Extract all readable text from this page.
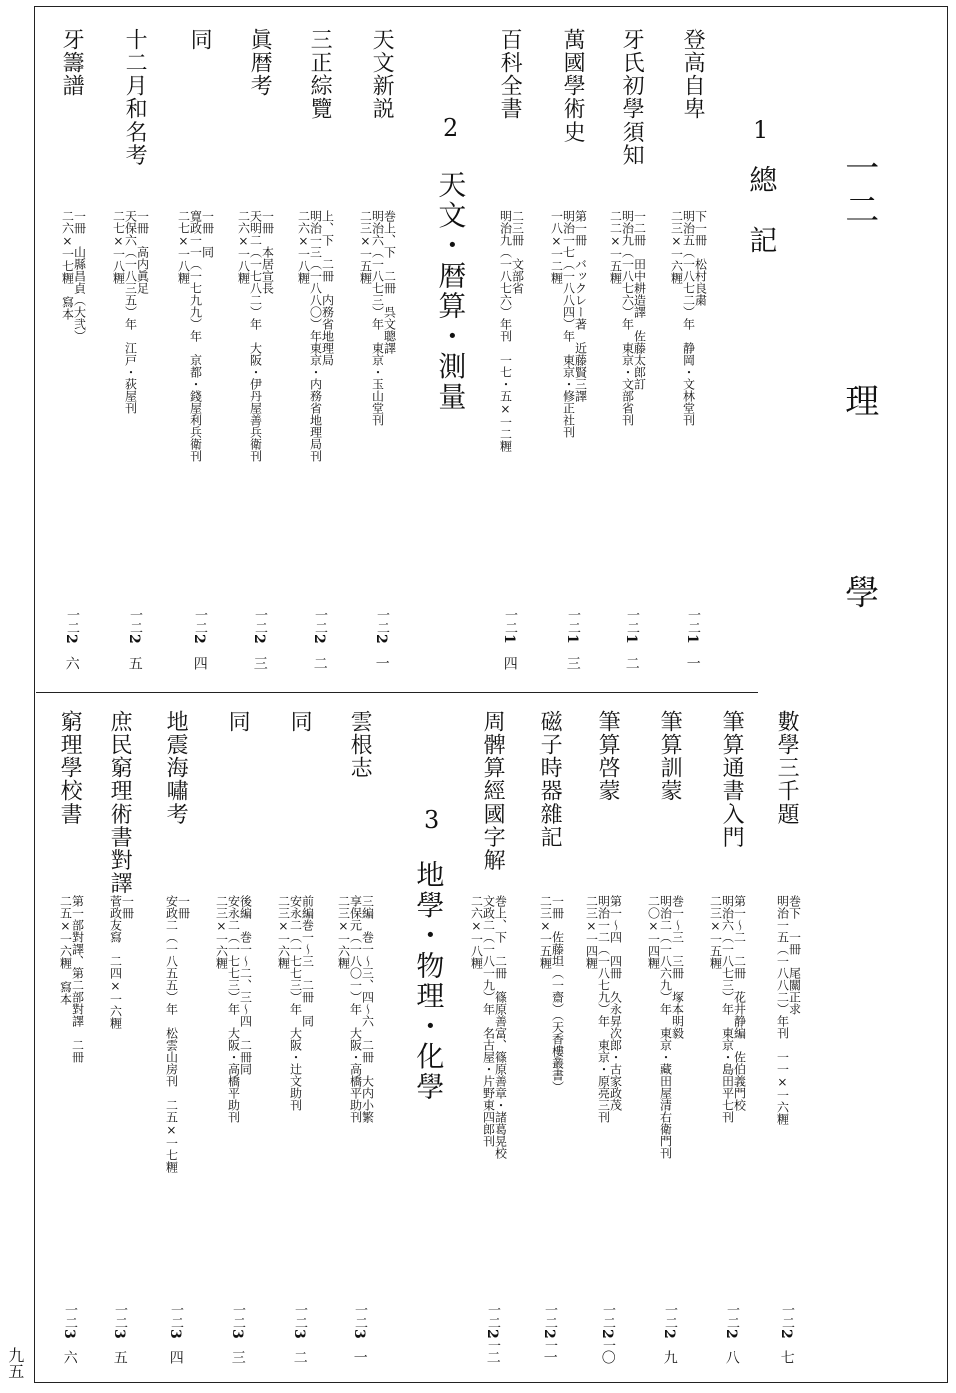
一二理學
1
總　記
2
天文・暦算・測量
3
地學・物理・化學
登高自卑
下一冊　松村良粛
明治五（一八七二）年　静岡・文林堂刊
二三×一六糎
一二1
一
牙氏初學須知
一二冊　田中耕造譯　佐藤太郎訂
明治九（一八七六）年　東京・文部省刊
二二×一五糎
一二1
二
萬國學術史
第一冊　バックレー著　近藤賢三譯
明治一七（一八八四）年　東京・修正社刊
一八×一二糎
一二1
三
百科全書
二三冊　文部省
明治九（一八七六）年刊　一七・五×一二糎
一二1
四
天文新説
巻上、下　二冊　呉文聰譯
明治六（一八七三）年　東京・玉山堂刊
二三×一五糎
一二2
一
三正綜覽
上、下　二冊　内務省地理局
明治一三（一八八〇）年東京・内務省地理局刊
二六×一八糎
一二2
二
眞暦考
一冊　本居宣長
天明二（一七八二）年　大阪・伊丹屋善兵衛刊
二六×一八糎
一二2
三
同
一冊　同
寛政一一（一七九九）年　京都・錢屋利兵衛刊
二七×一八糎
一二2
四
十二月和名考
一冊　高内眞足
天保六（一八三五）年　江戸・荻屋刊
二七×一八糎
一二2
五
牙籌譜
一冊　山縣昌貞（大弐）
二六×一七糎　寫本
一二2
六
數學三千題
巻下　一冊　尾關正求
明治一五（一八八二）年刊　一一×一六糎
一二2
七
筆算通書入門
第一～二　二冊　花井静編　佐伯義門校
明治六（一八七三）年　東京・島田平七刊
二三×一五糎
一二2
八
筆算訓蒙
巻一～三　三冊　塚本明毅
明治二（一八六九）年　東京・藏田屋清右衛門刊
二〇×一四糎
一二2
九
筆算啓蒙
第一～四　四冊　久永昇次郎・古家政茂
明治一二（一八七九）年　東京・原亮三刊
二三×一四糎
一二2一
〇
磁子時器雜記
一冊　佐藤坦（一齋）（天香樓叢書）
二三×一五糎
一二2一
一
周髀算經國字解
巻上、下　二冊　篠原善富、篠原善章・諸葛晃校
文政二（一八一九）年　名古屋・片野東四郎刊
二六×一八糎
一二2一
二
雲根志
三編　巻一～三、四～六　二冊　大内小繁
享保元（一八〇一）年　大阪・高橋平助刊
二三×一六糎
一二3
一
同
前編巻一～三　二冊　同
安永二（一七七三）年　大阪・辻文助刊
二三×一六糎
一二3
二
同
後編　巻一～二、三～四　二冊同
安永二（一七七三）年　大阪・高橋平助刊
二三×一六糎
一二3
三
地震海嘯考
一冊
安政二（一八五五）年　松雲山房刊　二五×一七糎
一二3
四
庶民窮理術書對譯
一冊
菅政友寫　二四×一六糎
一二3
五
窮理學校書
第一部對譯、第二部對譯　二冊
二五×一六糎　寫本
一二3
六
九五
